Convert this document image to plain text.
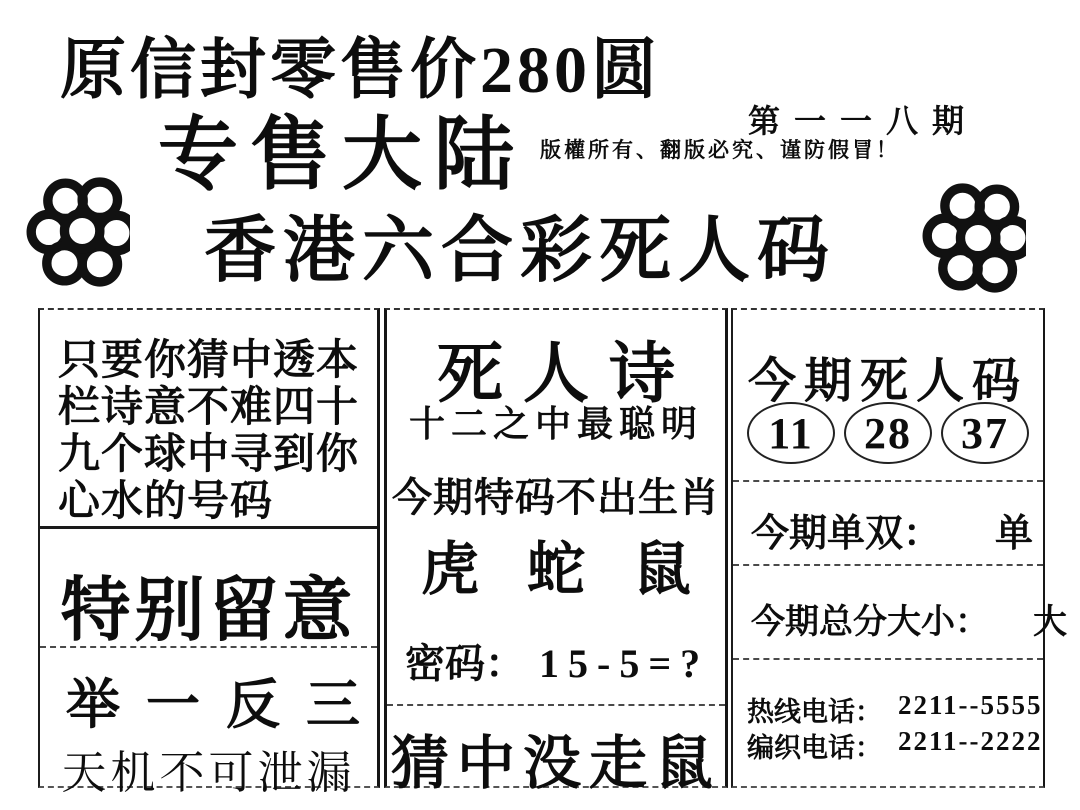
原信封零售价280圆
专售大陆	第一一八期
版權所有、翻版必究、谨防假冒！
香港六合彩死人码
只要你猜中透本
栏诗意不难四十
九个球中寻到你
心水的号码
特别留意
举一反三
天机不可泄漏
死人诗
十二之中最聪明
今期特码不出生肖
虎 蛇 鼠
密码： 15-5=?
猜中没走鼠
今期死人码
11	28	37
今期单双： 单
今期总分大小： 大
热线电话： 2211--5555
编织电话： 2211--2222
